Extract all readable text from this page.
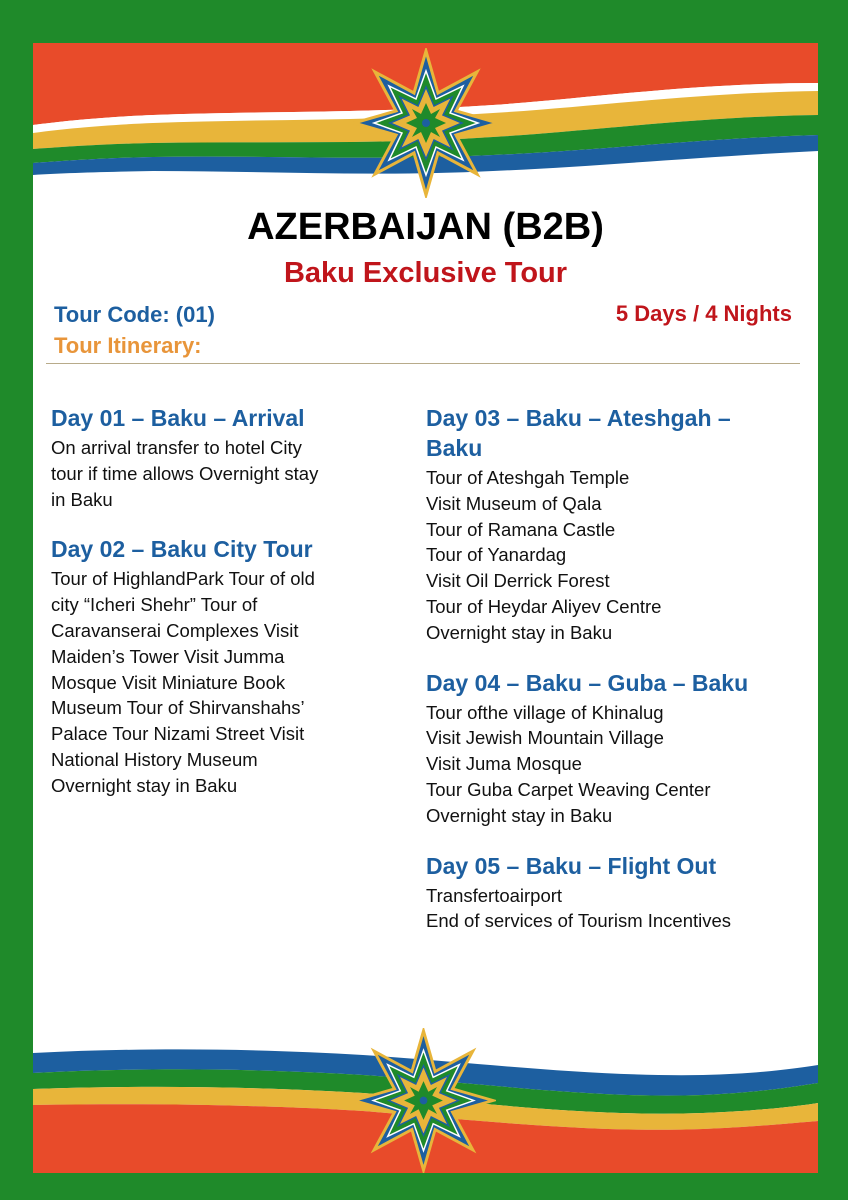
AZERBAIJAN (B2B)
Baku Exclusive Tour
Tour Code: (01)
Tour Itinerary:
5 Days / 4 Nights
Day 01 – Baku – Arrival
On arrival transfer to hotel City
tour if time allows Overnight stay
in Baku
Day 02 – Baku City Tour
Tour of HighlandPark Tour of old
city “Icheri Shehr” Tour of
Caravanserai Complexes Visit
Maiden’s Tower Visit Jumma
Mosque Visit Miniature Book
Museum Tour of Shirvanshahs’
Palace Tour Nizami Street Visit
National History Museum
Overnight stay in Baku
Day 03 – Baku – Ateshgah –
Baku
Tour of Ateshgah Temple
Visit Museum of Qala
Tour of Ramana Castle
Tour of Yanardag
Visit Oil Derrick Forest
Tour of Heydar Aliyev Centre
Overnight stay in Baku
Day 04 – Baku – Guba – Baku
Tour ofthe village of Khinalug
Visit Jewish Mountain Village
Visit Juma Mosque
Tour Guba Carpet Weaving Center
Overnight stay in Baku
Day 05 – Baku – Flight Out
Transfertoairport
End of services of Tourism Incentives
